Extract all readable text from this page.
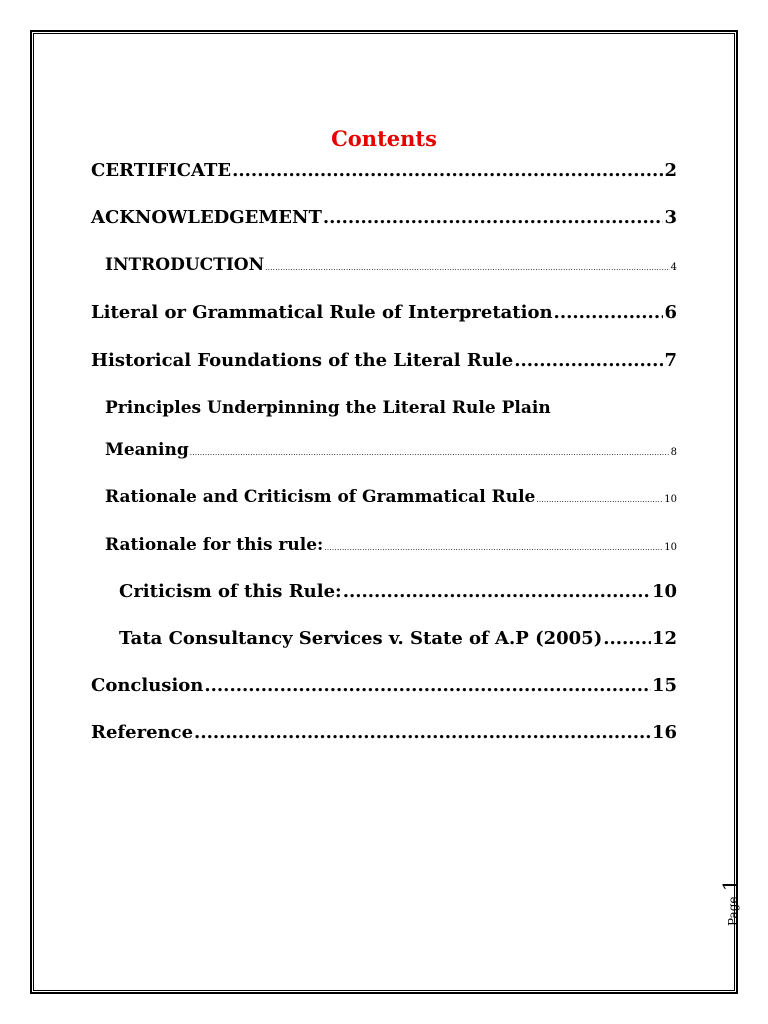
Contents
CERTIFICATE .....	2
ACKNOWLEDGEMENT .....	3
INTRODUCTION .....	4
Literal or Grammatical Rule of Interpretation .....	6
Historical Foundations of the Literal Rule .....	7
Principles Underpinning the Literal Rule Plain
Meaning .....	8
Rationale and Criticism of Grammatical Rule .....	10
Rationale for this rule: .....	10
Criticism of this Rule: .....	10
Tata Consultancy Services v. State of A.P (2005) .....	12
Conclusion .....	15
Reference .....	16
Page 1
